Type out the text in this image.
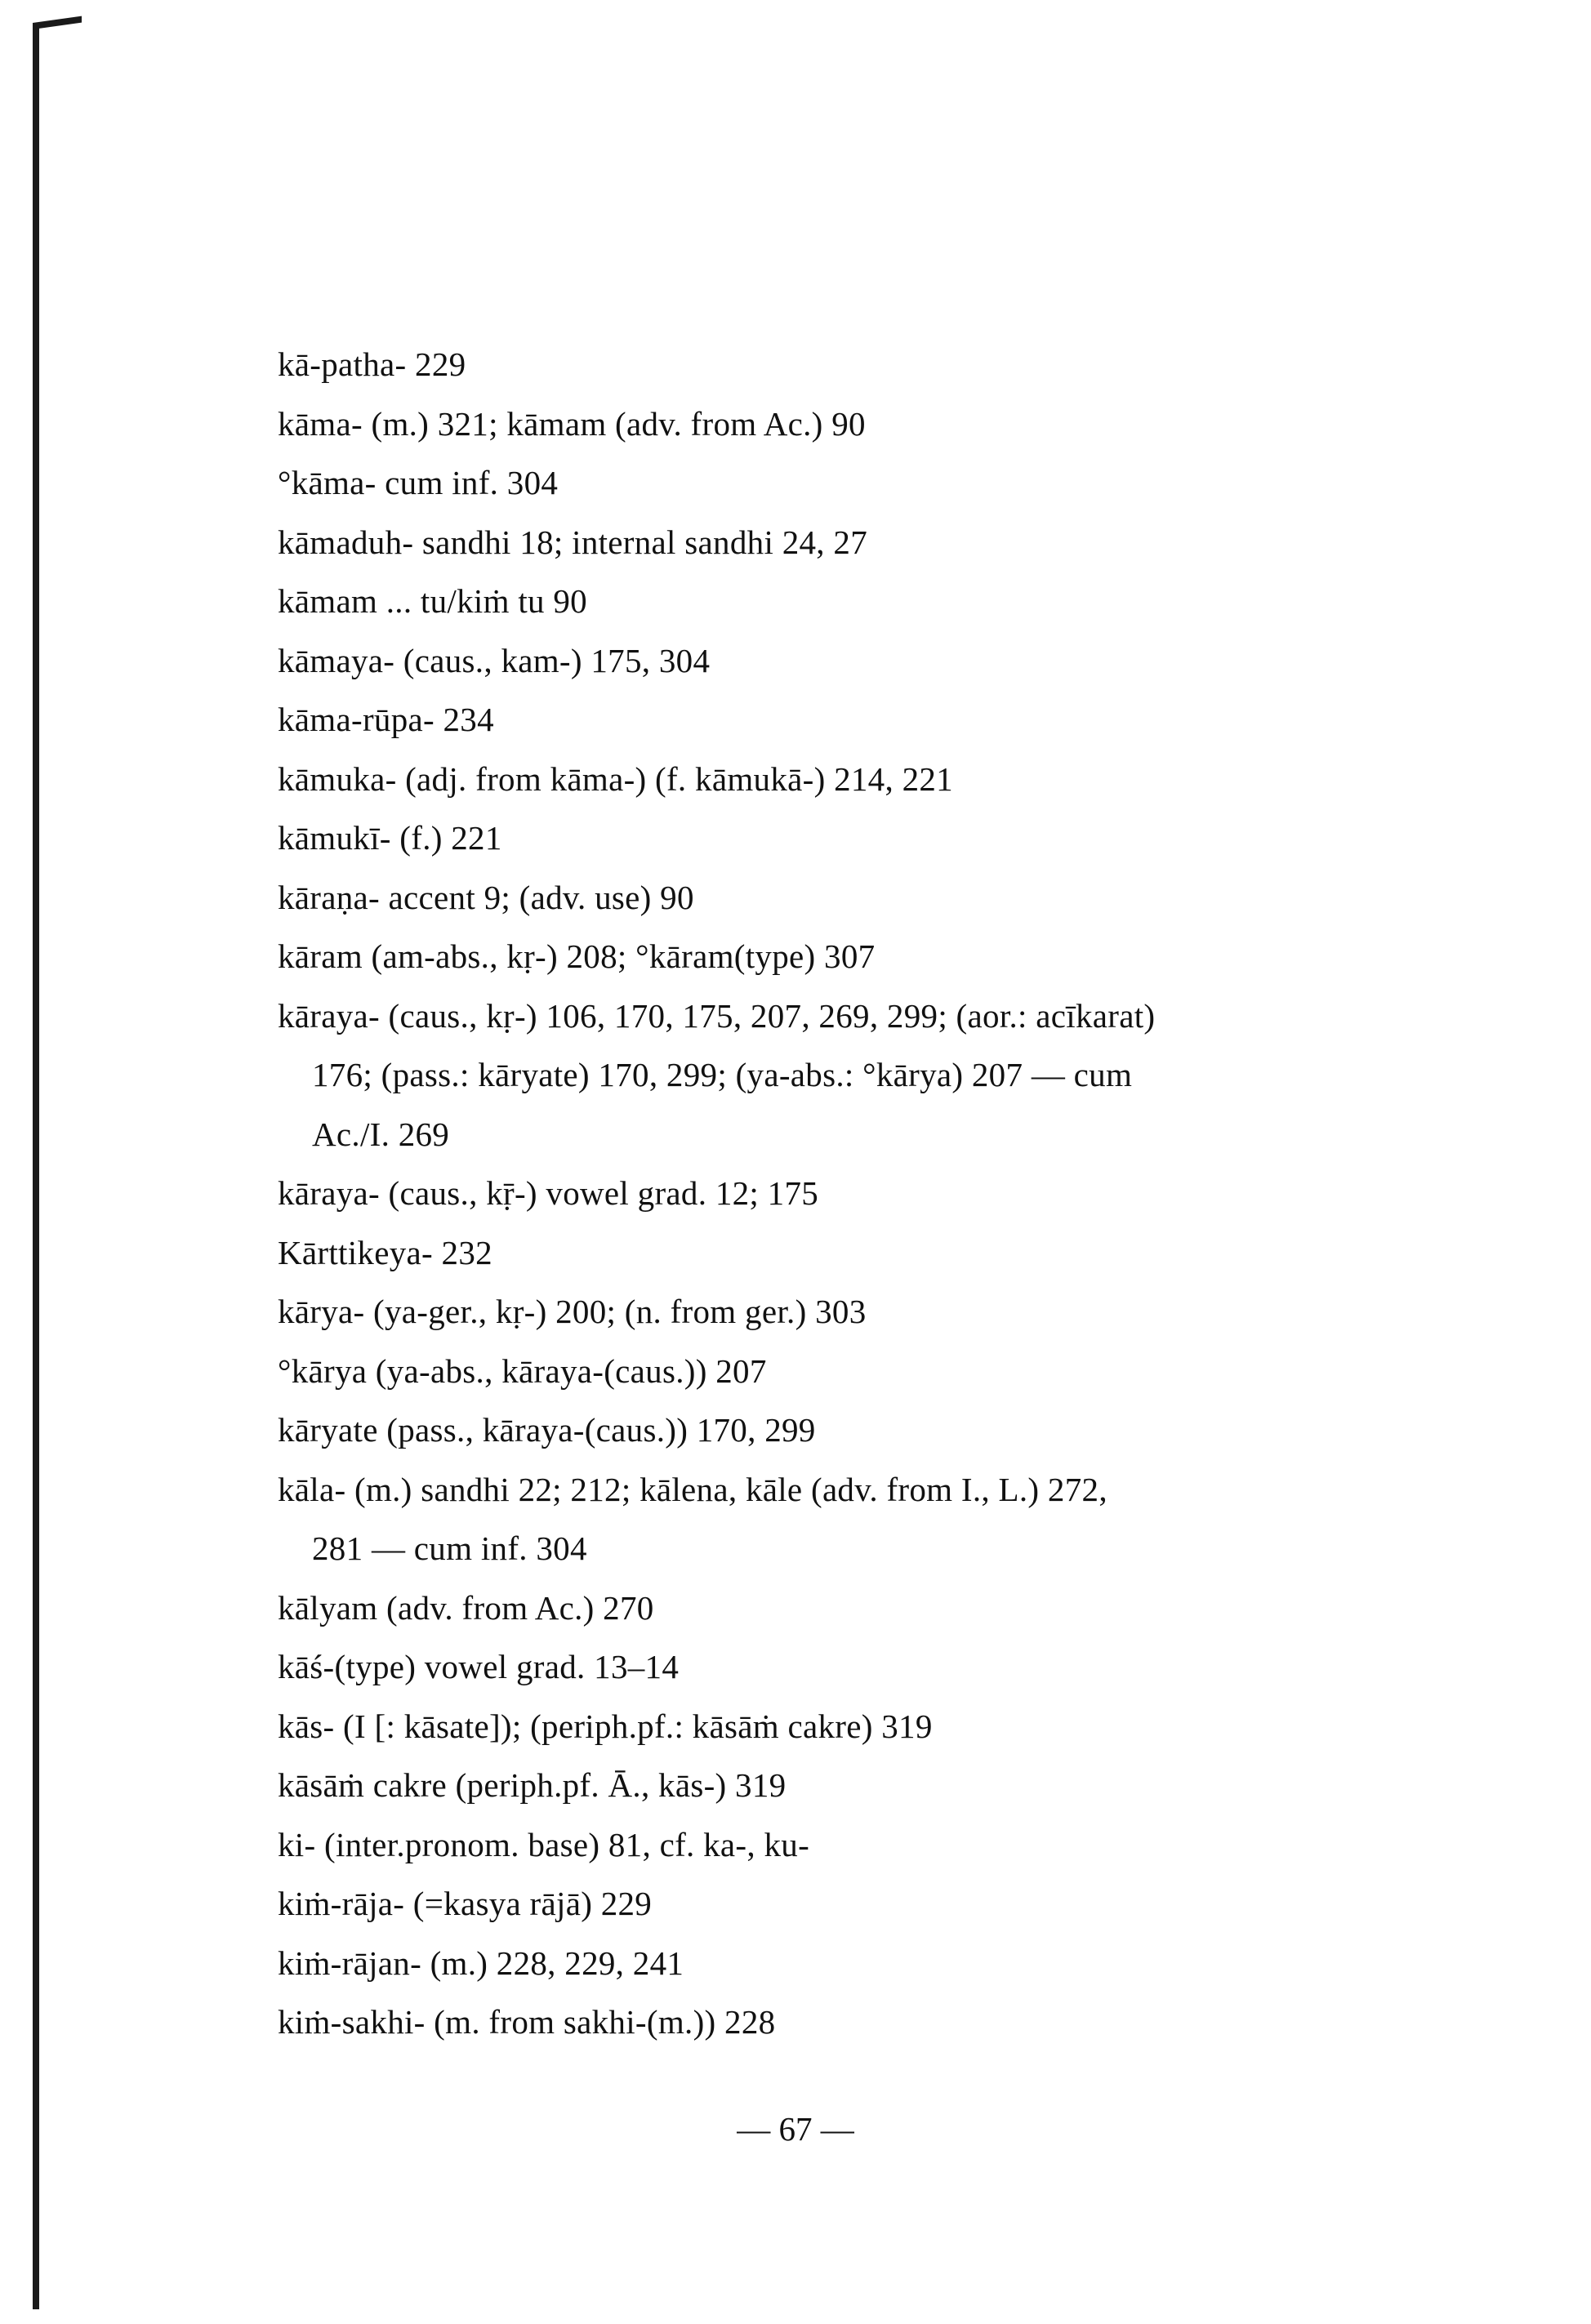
kā-patha- 229
kāma- (m.) 321; kāmam (adv. from Ac.) 90
°kāma- cum inf. 304
kāmaduh- sandhi 18; internal sandhi 24, 27
kāmam ... tu/kiṁ tu 90
kāmaya- (caus., kam-) 175, 304
kāma-rūpa- 234
kāmuka- (adj. from kāma-) (f. kāmukā-) 214, 221
kāmukī- (f.) 221
kāraṇa- accent 9; (adv. use) 90
kāram (am-abs., kṛ-) 208; °kāram(type) 307
kāraya- (caus., kṛ-) 106, 170, 175, 207, 269, 299; (aor.: acīkarat)
176; (pass.: kāryate) 170, 299; (ya-abs.: °kārya) 207 — cum
Ac./I. 269
kāraya- (caus., kṝ-) vowel grad. 12; 175
Kārttikeya- 232
kārya- (ya-ger., kṛ-) 200; (n. from ger.) 303
°kārya (ya-abs., kāraya-(caus.)) 207
kāryate (pass., kāraya-(caus.)) 170, 299
kāla- (m.) sandhi 22; 212; kālena, kāle (adv. from I., L.) 272,
281 — cum inf. 304
kālyam (adv. from Ac.) 270
kāś-(type) vowel grad. 13–14
kās- (I [: kāsate]); (periph.pf.: kāsāṁ cakre) 319
kāsāṁ cakre (periph.pf. Ā., kās-) 319
ki- (inter.pronom. base) 81, cf. ka-, ku-
kiṁ-rāja- (=kasya rājā) 229
kiṁ-rājan- (m.) 228, 229, 241
kiṁ-sakhi- (m. from sakhi-(m.)) 228
— 67 —
